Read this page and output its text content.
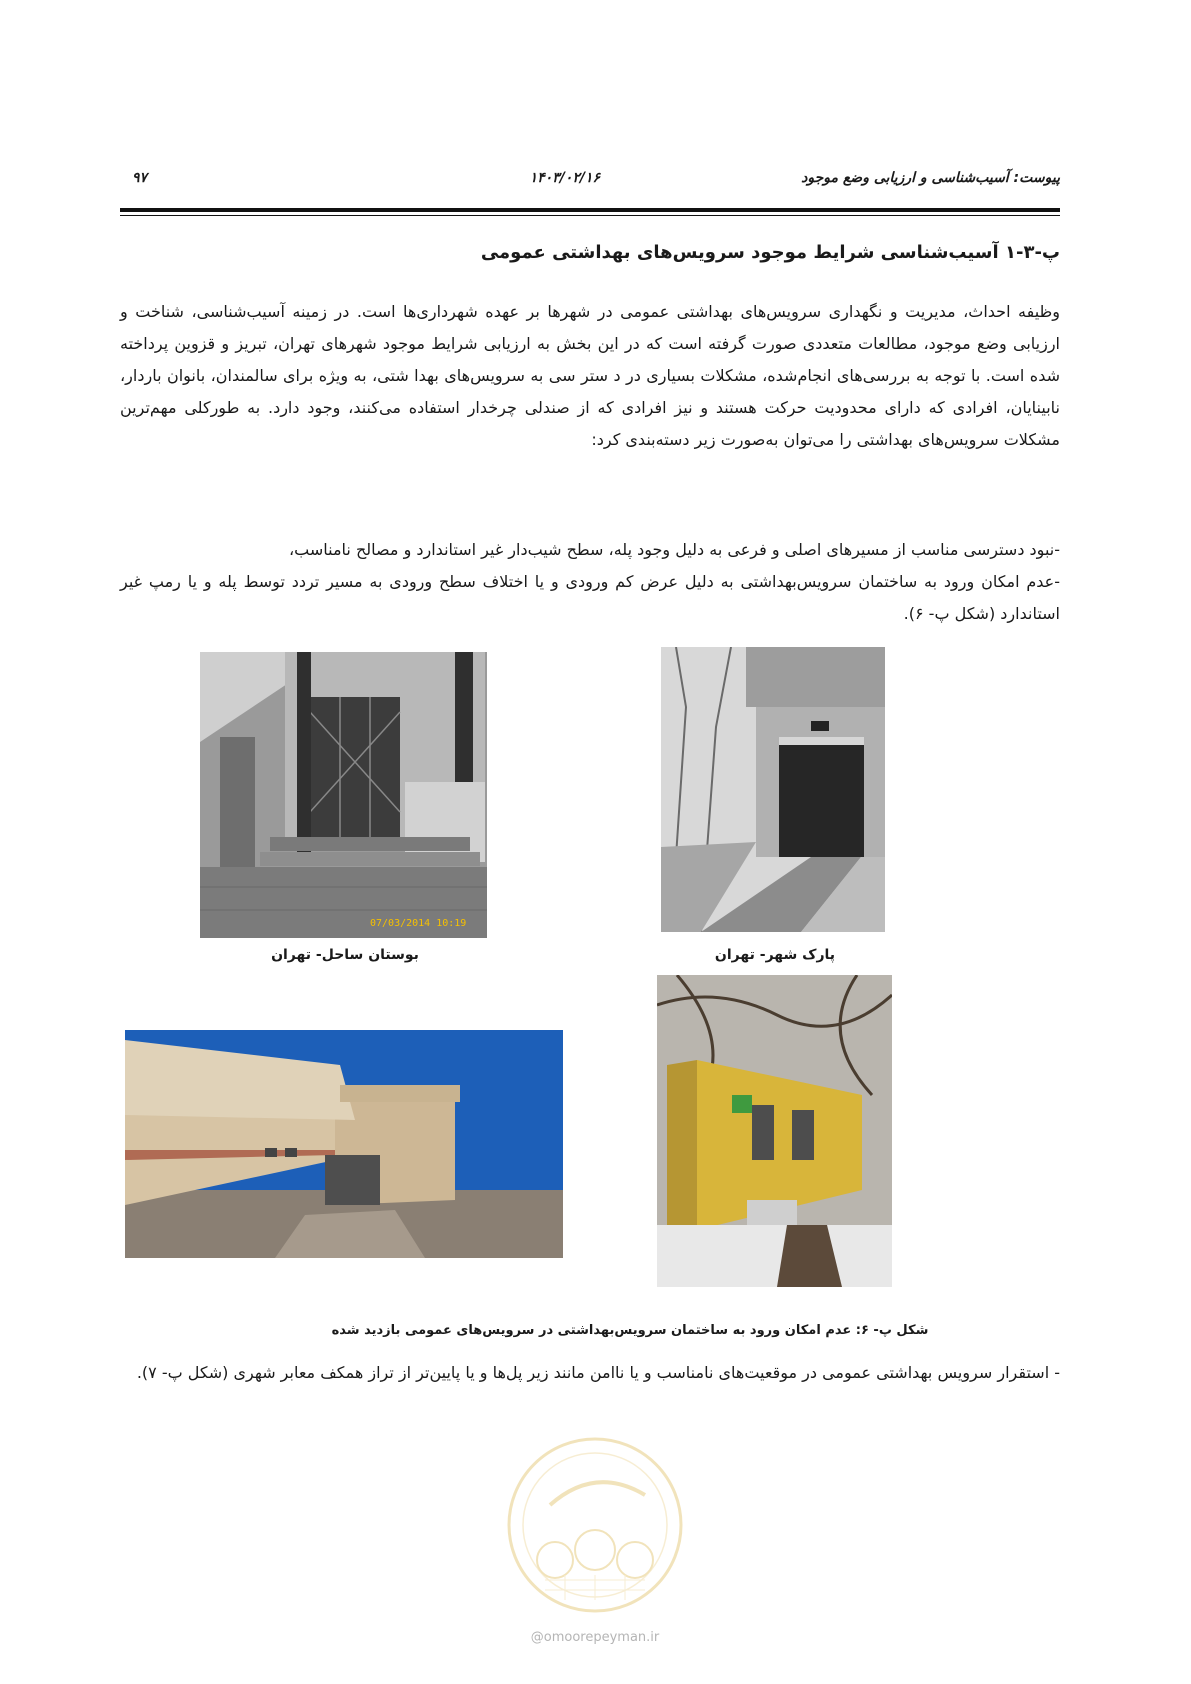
پیوست: آسیب‌شناسی و ارزیابی وضع موجود
۱۴۰۳/۰۲/۱۶
۹۷
پ-۳-۱ آسیب‌شناسی شرایط موجود سرویس‌های بهداشتی عمومی

وظیفه احداث، مدیریت و نگهداری سرویس‌های بهداشتی عمومی در شهرها بر عهده شهرداری‌ها است. در زمینه آسیب‌شناسی، شناخت و ارزیابی وضع موجود، مطالعات متعددی صورت گرفته است که در این بخش به ارزیابی شرایط موجود شهرهای تهران، تبریز و قزوین پرداخته شده است. با توجه به بررسی‌های انجام‌شده، مشکلات بسیاری در د ستر سی به سرویس‌های بهدا شتی، به ویژه برای سالمندان، بانوان باردار، نابینایان، افرادی که دارای محدودیت حرکت هستند و نیز افرادی که از صندلی چرخدار استفاده می‌کنند، وجود دارد. به طورکلی مهم‌ترین مشکلات سرویس‌های بهداشتی را می‌توان به‌صورت زیر دسته‌بندی کرد:

-نبود دسترسی مناسب از مسیرهای اصلی و فرعی به دلیل وجود پله، سطح شیب‌دار غیر استاندارد و مصالح نامناسب،

-عدم امکان ورود به ساختمان سرویس‌بهداشتی به دلیل عرض کم ورودی و یا اختلاف سطح ورودی به مسیر تردد توسط پله و یا رمپ غیر استاندارد (شکل پ- ۶).

07/03/2014 10:19
بوستان ساحل- تهران	پارک شهر- تهران
شکل پ- ۶: عدم امکان ورود به ساختمان سرویس‌بهداشتی در سرویس‌های عمومی بازدید شده

- استقرار سرویس بهداشتی عمومی در موقعیت‌های نامناسب و یا ناامن مانند زیر پل‌ها و یا پایین‌تر از تراز همکف معابر شهری (شکل پ- ۷).

@omoorepeyman.ir
